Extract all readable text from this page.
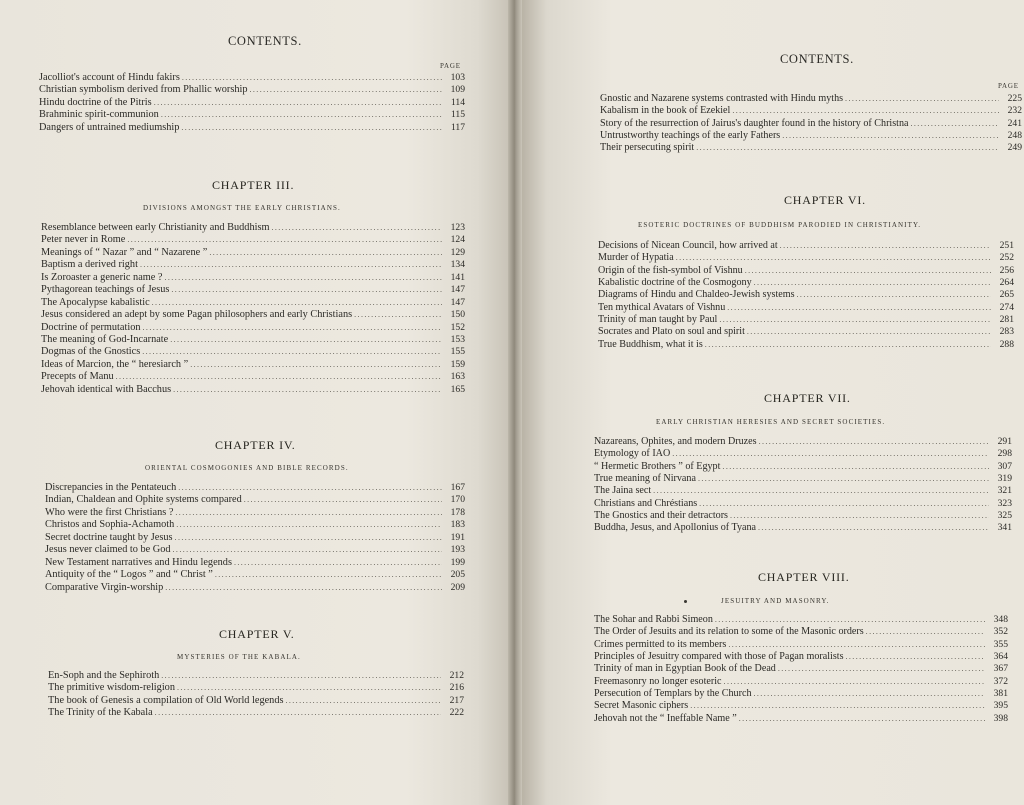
CONTENTS.
PAGE
Jacolliot's account of Hindu fakirs .....	103
Christian symbolism derived from Phallic worship .....	109
Hindu doctrine of the Pitris .....	114
Brahminic spirit-communion .....	115
Dangers of untrained mediumship .....	117
CHAPTER III.
DIVISIONS AMONGST THE EARLY CHRISTIANS.
Resemblance between early Christianity and Buddhism .....	123
Peter never in Rome .....	124
Meanings of “ Nazar ” and “ Nazarene ” .....	129
Baptism a derived right .....	134
Is Zoroaster a generic name ? .....	141
Pythagorean teachings of Jesus .....	147
The Apocalypse kabalistic .....	147
Jesus considered an adept by some Pagan philosophers and early Christians .....	150
Doctrine of permutation .....	152
The meaning of God-Incarnate .....	153
Dogmas of the Gnostics .....	155
Ideas of Marcion, the “ heresiarch ” .....	159
Precepts of Manu .....	163
Jehovah identical with Bacchus .....	165
CHAPTER IV.
ORIENTAL COSMOGONIES AND BIBLE RECORDS.
Discrepancies in the Pentateuch .....	167
Indian, Chaldean and Ophite systems compared .....	170
Who were the first Christians ? .....	178
Christos and Sophia-Achamoth .....	183
Secret doctrine taught by Jesus .....	191
Jesus never claimed to be God .....	193
New Testament narratives and Hindu legends .....	199
Antiquity of the “ Logos ” and “ Christ ” .....	205
Comparative Virgin-worship .....	209
CHAPTER V.
MYSTERIES OF THE KABALA.
En-Soph and the Sephiroth .....	212
The primitive wisdom-religion .....	216
The book of Genesis a compilation of Old World legends .....	217
The Trinity of the Kabala .....	222
CONTENTS.
PAGE
Gnostic and Nazarene systems contrasted with Hindu myths .....	225
Kabalism in the book of Ezekiel .....	232
Story of the resurrection of Jairus's daughter found in the history of Christna .....	241
Untrustworthy teachings of the early Fathers .....	248
Their persecuting spirit .....	249
CHAPTER VI.
ESOTERIC DOCTRINES OF BUDDHISM PARODIED IN CHRISTIANITY.
Decisions of Nicean Council, how arrived at .....	251
Murder of Hypatia .....	252
Origin of the fish-symbol of Vishnu .....	256
Kabalistic doctrine of the Cosmogony .....	264
Diagrams of Hindu and Chaldeo-Jewish systems .....	265
Ten mythical Avatars of Vishnu .....	274
Trinity of man taught by Paul .....	281
Socrates and Plato on soul and spirit .....	283
True Buddhism, what it is .....	288
CHAPTER VII.
EARLY CHRISTIAN HERESIES AND SECRET SOCIETIES.
Nazareans, Ophites, and modern Druzes .....	291
Etymology of IAO .....	298
“ Hermetic Brothers ” of Egypt .....	307
True meaning of Nirvana .....	319
The Jaina sect .....	321
Christians and Chréstians .....	323
The Gnostics and their detractors .....	325
Buddha, Jesus, and Apollonius of Tyana .....	341
CHAPTER VIII.
JESUITRY AND MASONRY.
The Sohar and Rabbi Simeon .....	348
The Order of Jesuits and its relation to some of the Masonic orders .....	352
Crimes permitted to its members .....	355
Principles of Jesuitry compared with those of Pagan moralists .....	364
Trinity of man in Egyptian Book of the Dead .....	367
Freemasonry no longer esoteric .....	372
Persecution of Templars by the Church .....	381
Secret Masonic ciphers .....	395
Jehovah not the “ Ineffable Name ” .....	398
